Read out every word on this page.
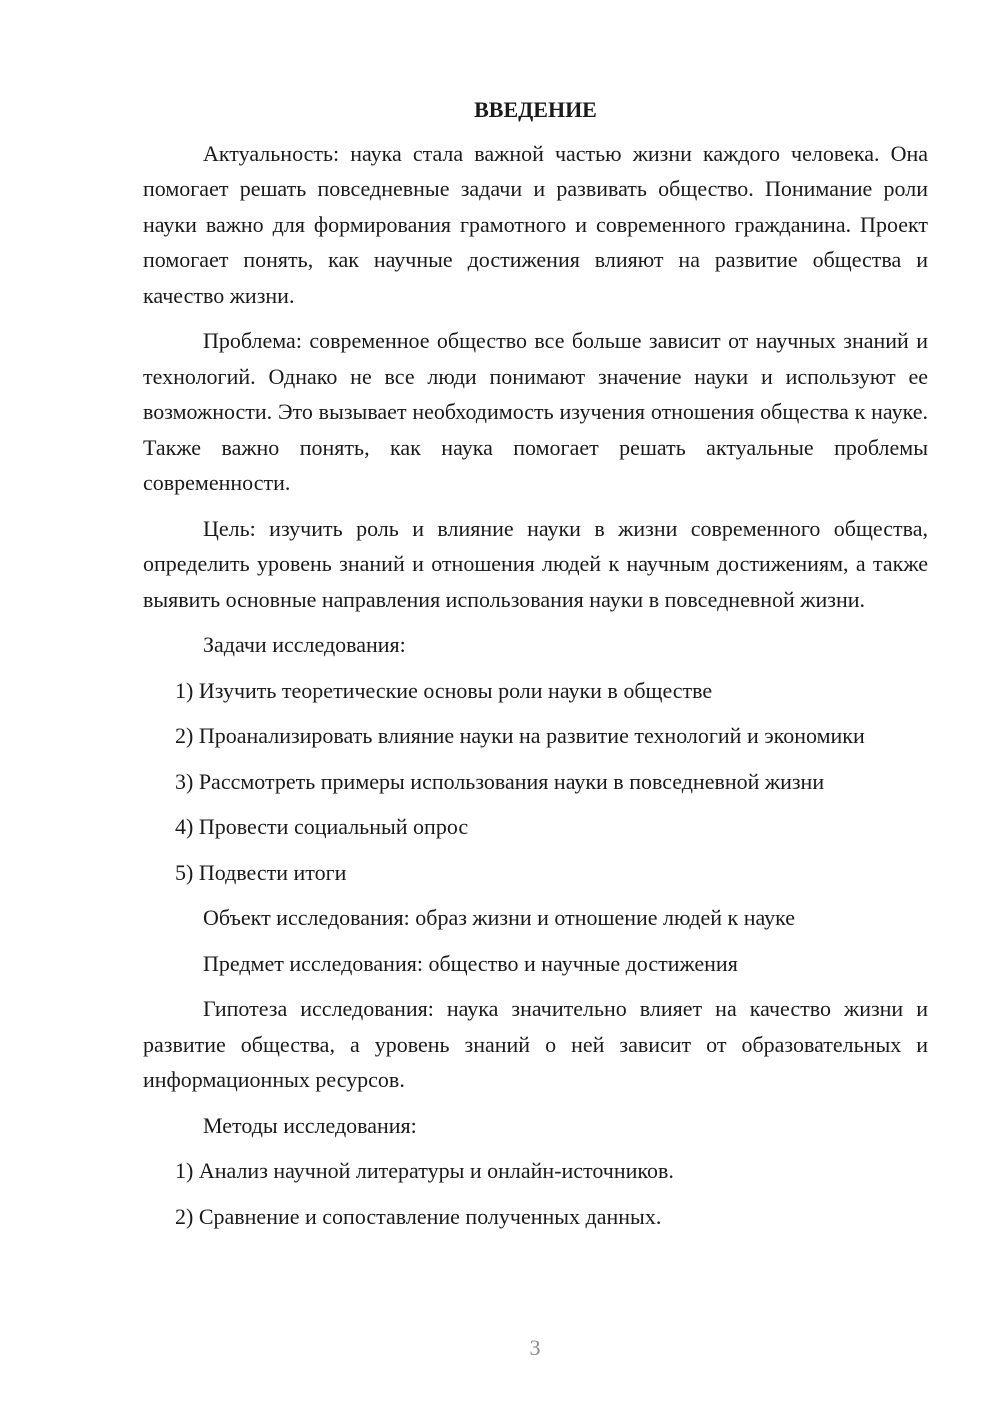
ВВЕДЕНИЕ

Актуальность: наука стала важной частью жизни каждого человека. Она помогает решать повседневные задачи и развивать общество. Понимание роли науки важно для формирования грамотного и современного гражданина. Проект помогает понять, как научные достижения влияют на развитие общества и качество жизни.

Проблема: современное общество все больше зависит от научных знаний и технологий. Однако не все люди понимают значение науки и используют ее возможности. Это вызывает необходимость изучения отношения общества к науке. Также важно понять, как наука помогает решать актуальные проблемы современности.

Цель: изучить роль и влияние науки в жизни современного общества, определить уровень знаний и отношения людей к научным достижениям, а также выявить основные направления использования науки в повседневной жизни.

Задачи исследования:

1) Изучить теоретические основы роли науки в обществе

2) Проанализировать влияние науки на развитие технологий и экономики

3) Рассмотреть примеры использования науки в повседневной жизни

4) Провести социальный опрос

5) Подвести итоги

Объект исследования: образ жизни и отношение людей к науке

Предмет исследования: общество и научные достижения

Гипотеза исследования: наука значительно влияет на качество жизни и развитие общества, а уровень знаний о ней зависит от образовательных и информационных ресурсов.

Методы исследования:

1) Анализ научной литературы и онлайн-источников.

2) Сравнение и сопоставление полученных данных.

3
